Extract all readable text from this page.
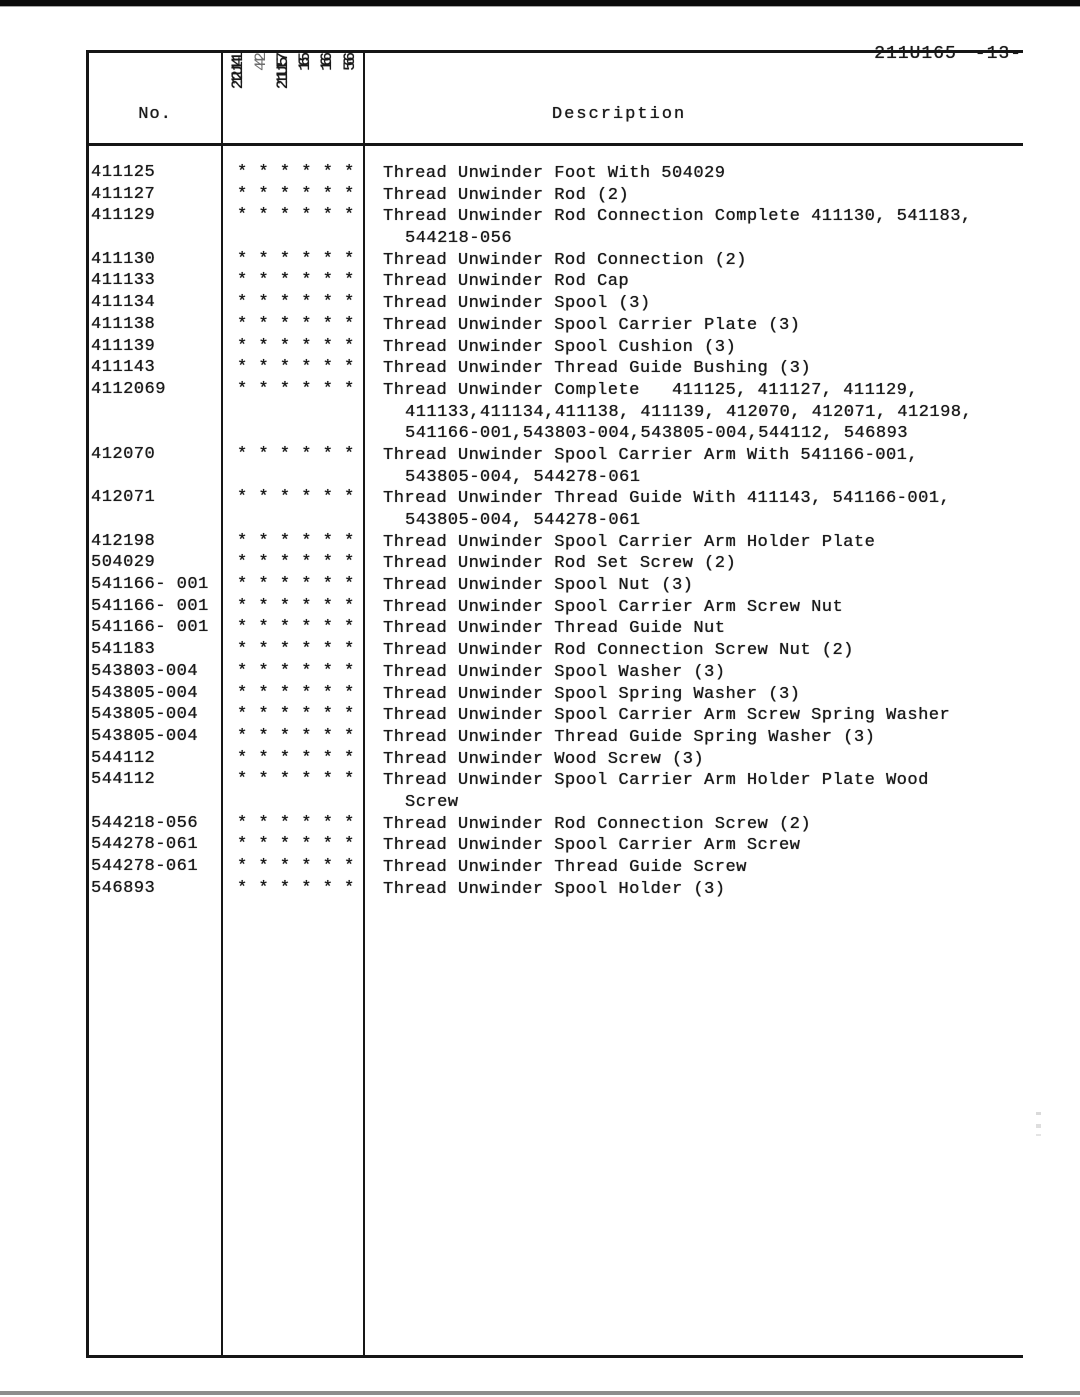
211U165 -13-

No.
212U141 442 211U157 165 166 566
Description
411125	* * * * * * Thread Unwinder Foot With 504029
411127	* * * * * * Thread Unwinder Rod (2)
411129	* * * * * * Thread Unwinder Rod Connection Complete 411130, 541183,
544218-056
411130	* * * * * * Thread Unwinder Rod Connection (2)
411133	* * * * * * Thread Unwinder Rod Cap
411134	* * * * * * Thread Unwinder Spool (3)
411138	* * * * * * Thread Unwinder Spool Carrier Plate (3)
411139	* * * * * * Thread Unwinder Spool Cushion (3)
411143	* * * * * * Thread Unwinder Thread Guide Bushing (3)
4112069	* * * * * * Thread Unwinder Complete   411125, 411127, 411129,
411133,411134,411138, 411139, 412070, 412071, 412198,
541166-001,543803-004,543805-004,544112, 546893
412070	* * * * * * Thread Unwinder Spool Carrier Arm With 541166-001,
543805-004, 544278-061
412071	* * * * * * Thread Unwinder Thread Guide With 411143, 541166-001,
543805-004, 544278-061
412198	* * * * * * Thread Unwinder Spool Carrier Arm Holder Plate
504029	* * * * * * Thread Unwinder Rod Set Screw (2)
541166- 001 * * * * * * Thread Unwinder Spool Nut (3)
541166- 001 * * * * * * Thread Unwinder Spool Carrier Arm Screw Nut
541166- 001 * * * * * * Thread Unwinder Thread Guide Nut
541183	* * * * * * Thread Unwinder Rod Connection Screw Nut (2)
543803-004 * * * * * * Thread Unwinder Spool Washer (3)
543805-004 * * * * * * Thread Unwinder Spool Spring Washer (3)
543805-004 * * * * * * Thread Unwinder Spool Carrier Arm Screw Spring Washer
543805-004 * * * * * * Thread Unwinder Thread Guide Spring Washer (3)
544112	* * * * * * Thread Unwinder Wood Screw (3)
544112	* * * * * * Thread Unwinder Spool Carrier Arm Holder Plate Wood
Screw
544218-056 * * * * * * Thread Unwinder Rod Connection Screw (2)
544278-061 * * * * * * Thread Unwinder Spool Carrier Arm Screw
544278-061 * * * * * * Thread Unwinder Thread Guide Screw
546893	* * * * * * Thread Unwinder Spool Holder (3)
